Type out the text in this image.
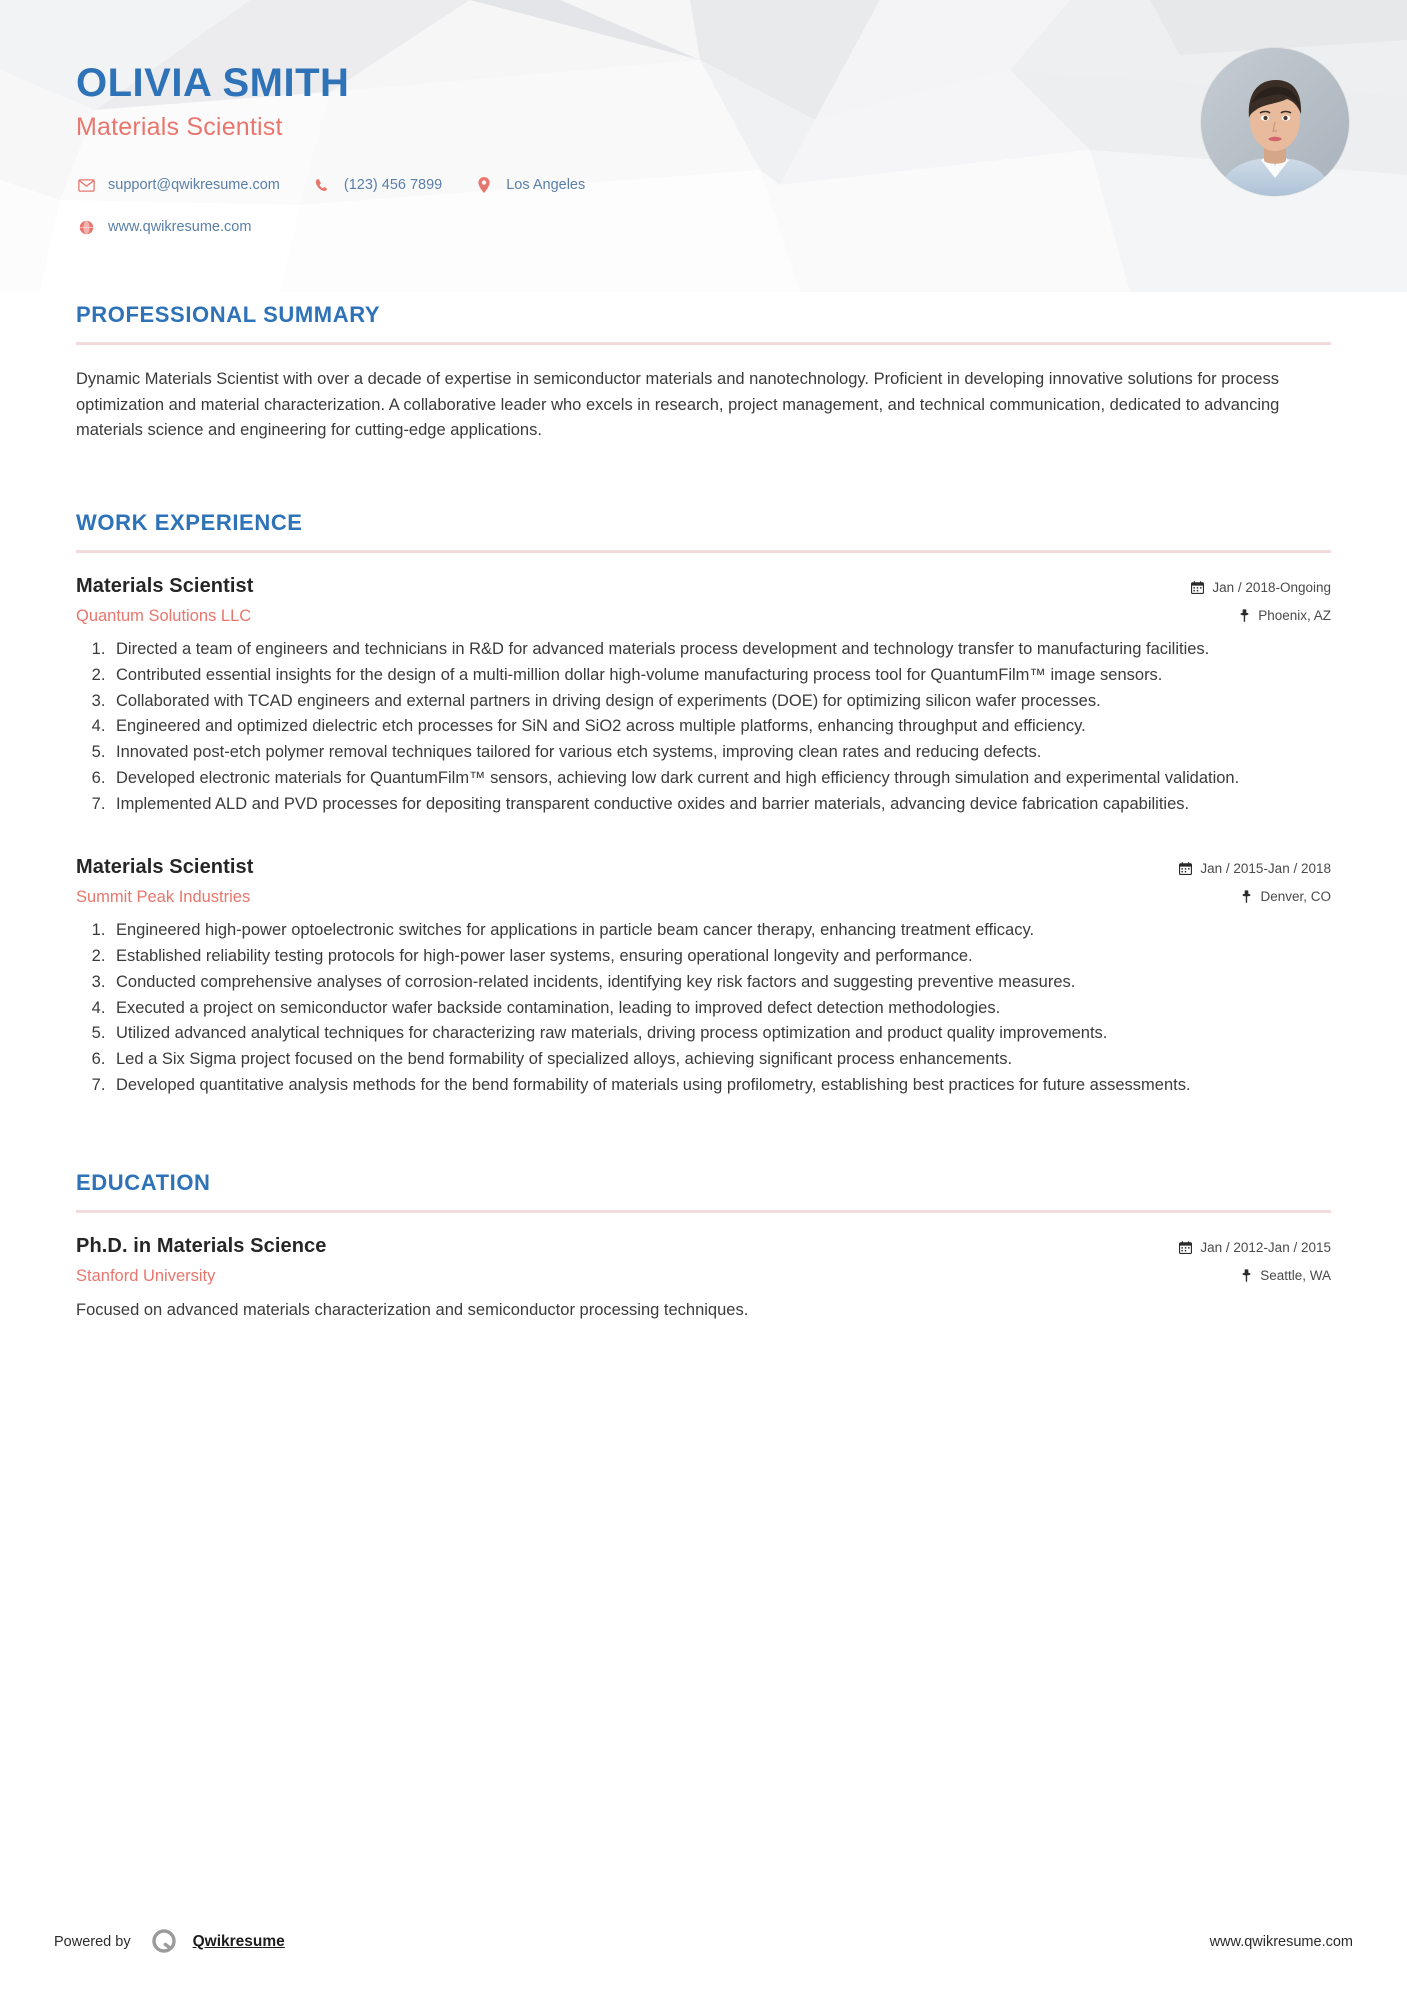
OLIVIA SMITH
Materials Scientist
support@qwikresume.com	(123) 456 7899	Los Angeles
www.qwikresume.com
PROFESSIONAL SUMMARY

Dynamic Materials Scientist with over a decade of expertise in semiconductor materials and nanotechnology. Proficient in developing innovative solutions for process optimization and material characterization. A collaborative leader who excels in research, project management, and technical communication, dedicated to advancing materials science and engineering for cutting-edge applications.

WORK EXPERIENCE
Materials Scientist
Quantum Solutions LLC
Jan / 2018-Ongoing
Phoenix, AZ
1. Directed a team of engineers and technicians in R&D for advanced materials process development and technology transfer to manufacturing facilities.
2. Contributed essential insights for the design of a multi-million dollar high-volume manufacturing process tool for QuantumFilm™ image sensors.
3. Collaborated with TCAD engineers and external partners in driving design of experiments (DOE) for optimizing silicon wafer processes.
4. Engineered and optimized dielectric etch processes for SiN and SiO2 across multiple platforms, enhancing throughput and efficiency.
5. Innovated post-etch polymer removal techniques tailored for various etch systems, improving clean rates and reducing defects.
6. Developed electronic materials for QuantumFilm™ sensors, achieving low dark current and high efficiency through simulation and experimental validation.
7. Implemented ALD and PVD processes for depositing transparent conductive oxides and barrier materials, advancing device fabrication capabilities.
Materials Scientist
Summit Peak Industries
Jan / 2015-Jan / 2018
Denver, CO
1. Engineered high-power optoelectronic switches for applications in particle beam cancer therapy, enhancing treatment efficacy.
2. Established reliability testing protocols for high-power laser systems, ensuring operational longevity and performance.
3. Conducted comprehensive analyses of corrosion-related incidents, identifying key risk factors and suggesting preventive measures.
4. Executed a project on semiconductor wafer backside contamination, leading to improved defect detection methodologies.
5. Utilized advanced analytical techniques for characterizing raw materials, driving process optimization and product quality improvements.
6. Led a Six Sigma project focused on the bend formability of specialized alloys, achieving significant process enhancements.
7. Developed quantitative analysis methods for the bend formability of materials using profilometry, establishing best practices for future assessments.
EDUCATION
Ph.D. in Materials Science
Stanford University
Jan / 2012-Jan / 2015
Seattle, WA

Focused on advanced materials characterization and semiconductor processing techniques.

Powered by	Qwikresume	www.qwikresume.com
